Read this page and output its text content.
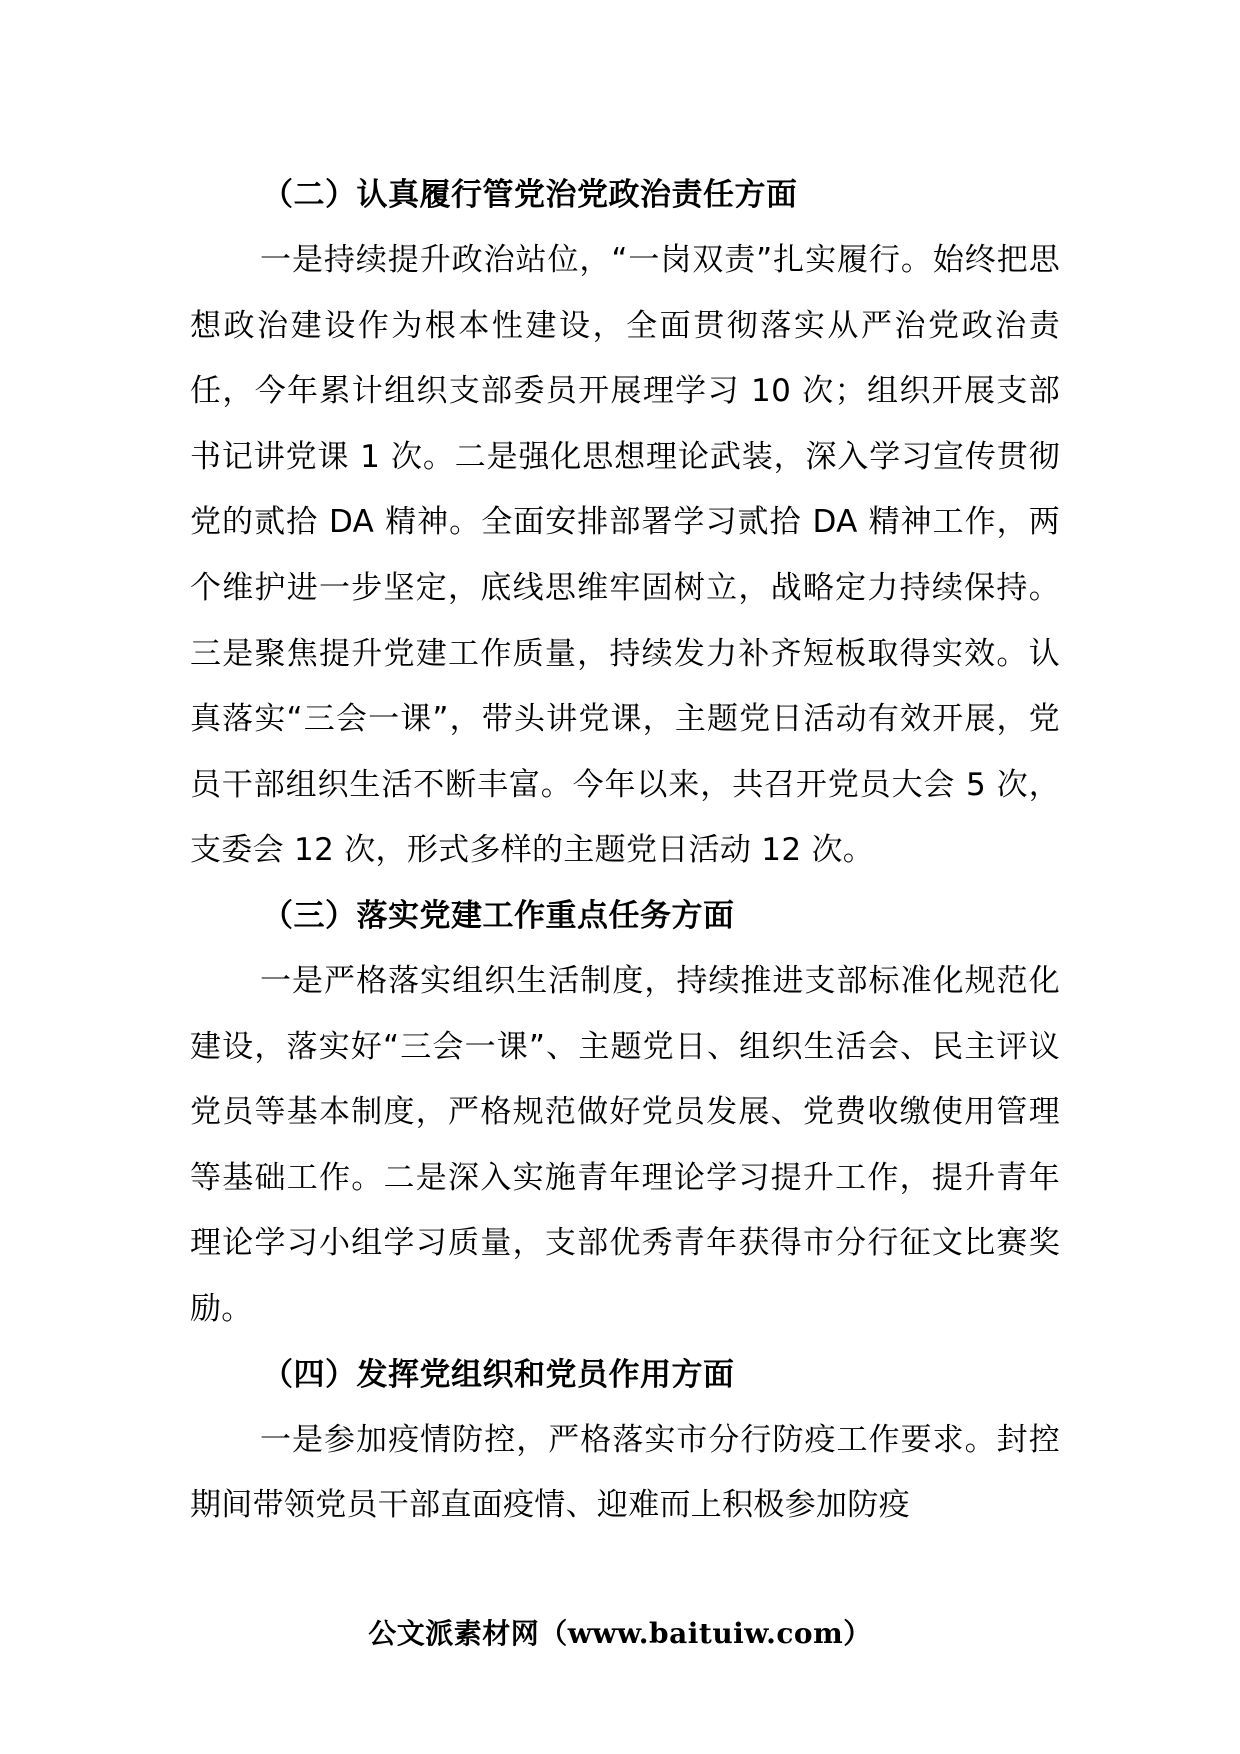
（二）认真履行管党治党政治责任方面

一是持续提升政治站位，“一岗双责”扎实履行。始终把思想政治建设作为根本性建设，全面贯彻落实从严治党政治责任，今年累计组织支部委员开展理学习 10 次；组织开展支部书记讲党课 1 次。二是强化思想理论武装，深入学习宣传贯彻党的贰拾 DA 精神。全面安排部署学习贰拾 DA 精神工作，两个维护进一步坚定，底线思维牢固树立，战略定力持续保持。三是聚焦提升党建工作质量，持续发力补齐短板取得实效。认真落实“三会一课”，带头讲党课，主题党日活动有效开展，党员干部组织生活不断丰富。今年以来，共召开党员大会 5 次，支委会 12 次，形式多样的主题党日活动 12 次。

（三）落实党建工作重点任务方面

一是严格落实组织生活制度，持续推进支部标准化规范化建设，落实好“三会一课”、主题党日、组织生活会、民主评议党员等基本制度，严格规范做好党员发展、党费收缴使用管理等基础工作。二是深入实施青年理论学习提升工作，提升青年理论学习小组学习质量，支部优秀青年获得市分行征文比赛奖励。

（四）发挥党组织和党员作用方面

一是参加疫情防控，严格落实市分行防疫工作要求。封控期间带领党员干部直面疫情、迎难而上积极参加防疫

公文派素材网（www.baituiw.com）
